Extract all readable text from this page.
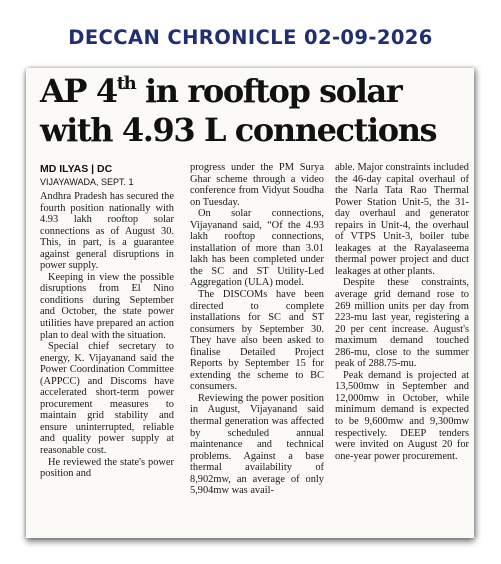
DECCAN CHRONICLE 02-09-2026
AP 4th in rooftop solar
with 4.93 L connections
MD ILYAS | DC
VIJAYAWADA, SEPT. 1

Andhra Pradesh has secured the fourth position nationally with 4.93 lakh rooftop solar connections as of August 30. This, in part, is a guarantee against general disruptions in power supply.

Keeping in view the possible disruptions from El Nino conditions during September and October, the state power utilities have prepared an action plan to deal with the situation.

Special chief secretary to energy, K. Vijayanand said the Power Coordination Committee (APPCC) and Discoms have accelerated short-term power procurement measures to maintain grid stability and ensure uninterrupted, reliable and quality power supply at reasonable cost.

He reviewed the state's power position and

progress under the PM Surya Ghar scheme through a video conference from Vidyut Soudha on Tuesday.

On solar connections, Vijayanand said, “Of the 4.93 lakh rooftop connections, installation of more than 3.01 lakh has been completed under the SC and ST Utility-Led Aggregation (ULA) model.

The DISCOMs have been directed to complete installations for SC and ST consumers by September 30. They have also been asked to finalise Detailed Project Reports by September 15 for extending the scheme to BC consumers.

Reviewing the power position in August, Vijayanand said thermal generation was affected by scheduled annual maintenance and technical problems. Against a base thermal availability of 8,902mw, an average of only 5,904mw was avail-

able. Major constraints included the 46-day capital overhaul of the Narla Tata Rao Thermal Power Station Unit-5, the 31-day overhaul and generator repairs in Unit-4, the overhaul of VTPS Unit-3, boiler tube leakages at the Rayalaseema thermal power project and duct leakages at other plants.

Despite these constraints, average grid demand rose to 269 million units per day from 223-mu last year, registering a 20 per cent increase. August's maximum demand touched 286-mu, close to the summer peak of 288.75-mu.

Peak demand is projected at 13,500mw in September and 12,000mw in October, while minimum demand is expected to be 9,600mw and 9,300mw respectively. DEEP tenders were invited on August 20 for one-year power procurement.
